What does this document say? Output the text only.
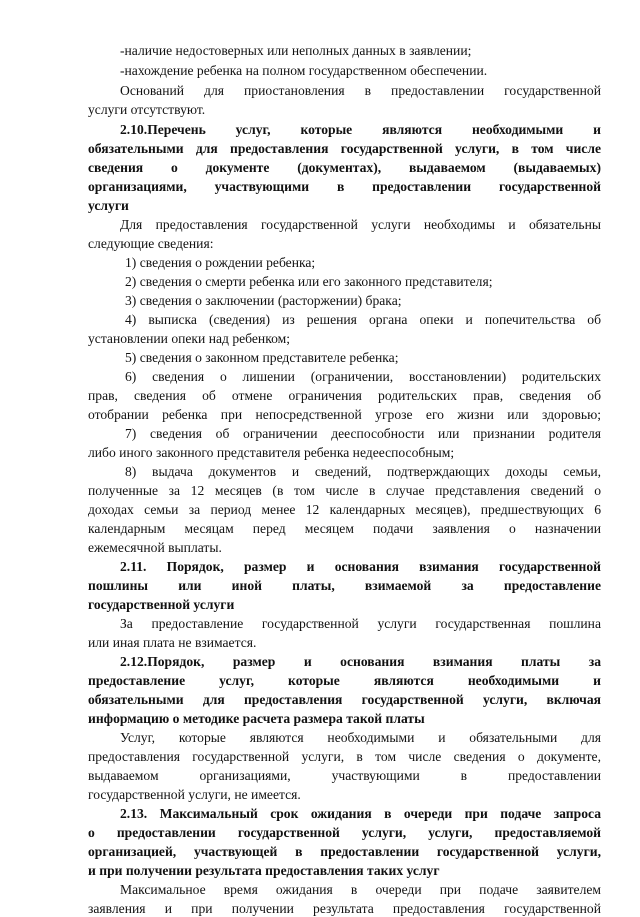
-наличие недостоверных или неполных данных в заявлении;
-нахождение ребенка на полном государственном обеспечении.
Оснований для приостановления в предоставлении государственной
услуги отсутствуют.
2.10.Перечень услуг, которые являются необходимыми и
обязательными для предоставления государственной услуги, в том числе
сведения о документе (документах), выдаваемом (выдаваемых)
организациями, участвующими в предоставлении государственной
услуги
Для предоставления государственной услуги необходимы и обязательны
следующие сведения:
1) сведения о рождении ребенка;
2) сведения о смерти ребенка или его законного представителя;
3) сведения о заключении (расторжении) брака;
4) выписка (сведения) из решения органа опеки и попечительства об
установлении опеки над ребенком;
5) сведения о законном представителе ребенка;
6) сведения о лишении (ограничении, восстановлении) родительских
прав, сведения об отмене ограничения родительских прав, сведения об
отобрании ребенка при непосредственной угрозе его жизни или здоровью;
7) сведения об ограничении дееспособности или признании родителя
либо иного законного представителя ребенка недееспособным;
8) выдача документов и сведений, подтверждающих доходы семьи,
полученные за 12 месяцев (в том числе в случае представления сведений о
доходах семьи за период менее 12 календарных месяцев), предшествующих 6
календарным месяцам перед месяцем подачи заявления о назначении
ежемесячной выплаты.
2.11. Порядок, размер и основания взимания государственной
пошлины или иной платы, взимаемой за предоставление
государственной услуги
За предоставление государственной услуги государственная пошлина
или иная плата не взимается.
2.12.Порядок, размер и основания взимания платы за
предоставление услуг, которые являются необходимыми и
обязательными для предоставления государственной услуги, включая
информацию о методике расчета размера такой платы
Услуг, которые являются необходимыми и обязательными для
предоставления государственной услуги, в том числе сведения о документе,
выдаваемом организациями, участвующими в предоставлении
государственной услуги, не имеется.
2.13. Максимальный срок ожидания в очереди при подаче запроса
о предоставлении государственной услуги, услуги, предоставляемой
организацией, участвующей в предоставлении государственной услуги,
и при получении результата предоставления таких услуг
Максимальное время ожидания в очереди при подаче заявителем
заявления и при получении результата предоставления государственной
